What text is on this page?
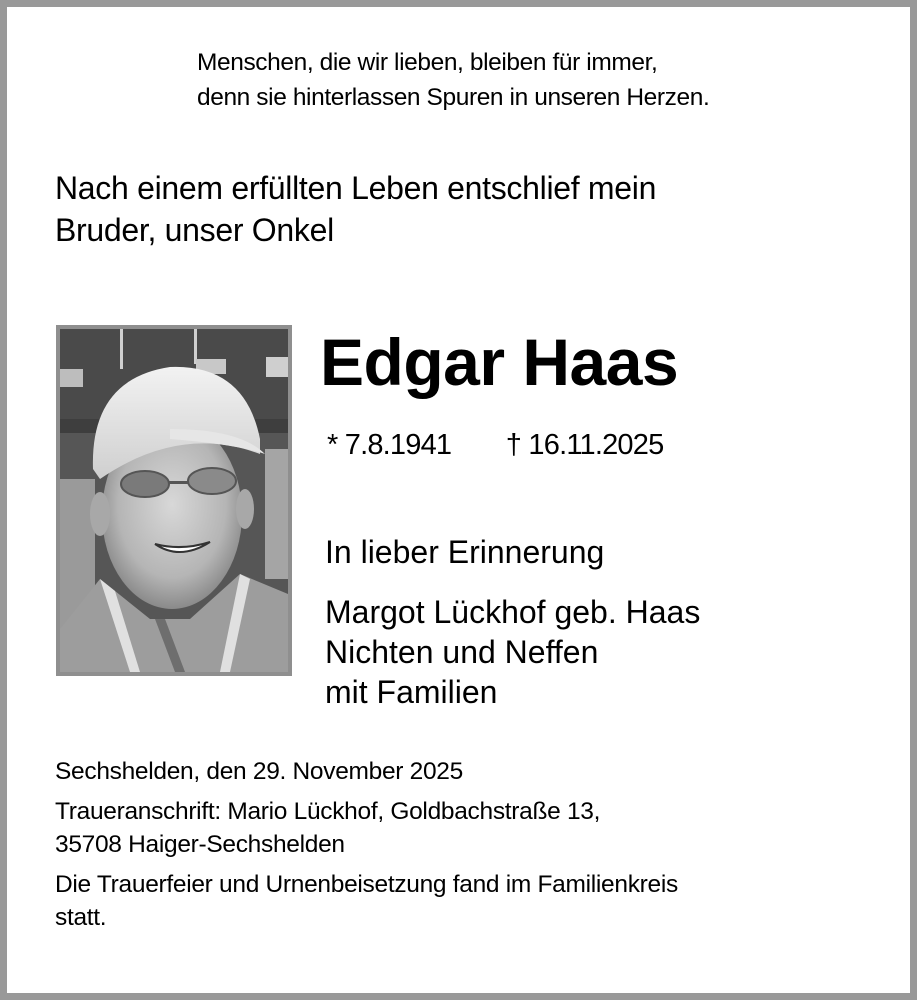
Menschen, die wir lieben, bleiben für immer,
denn sie hinterlassen Spuren in unseren Herzen.
Nach einem erfüllten Leben entschlief mein
Bruder, unser Onkel
Edgar Haas
* 7.8.1941 † 16.11.2025
In lieber Erinnerung
Margot Lückhof geb. Haas
Nichten und Neffen
mit Familien
Sechshelden, den 29. November 2025
Traueranschrift: Mario Lückhof, Goldbachstraße 13,
35708 Haiger-Sechshelden
Die Trauerfeier und Urnenbeisetzung fand im Familienkreis
statt.
